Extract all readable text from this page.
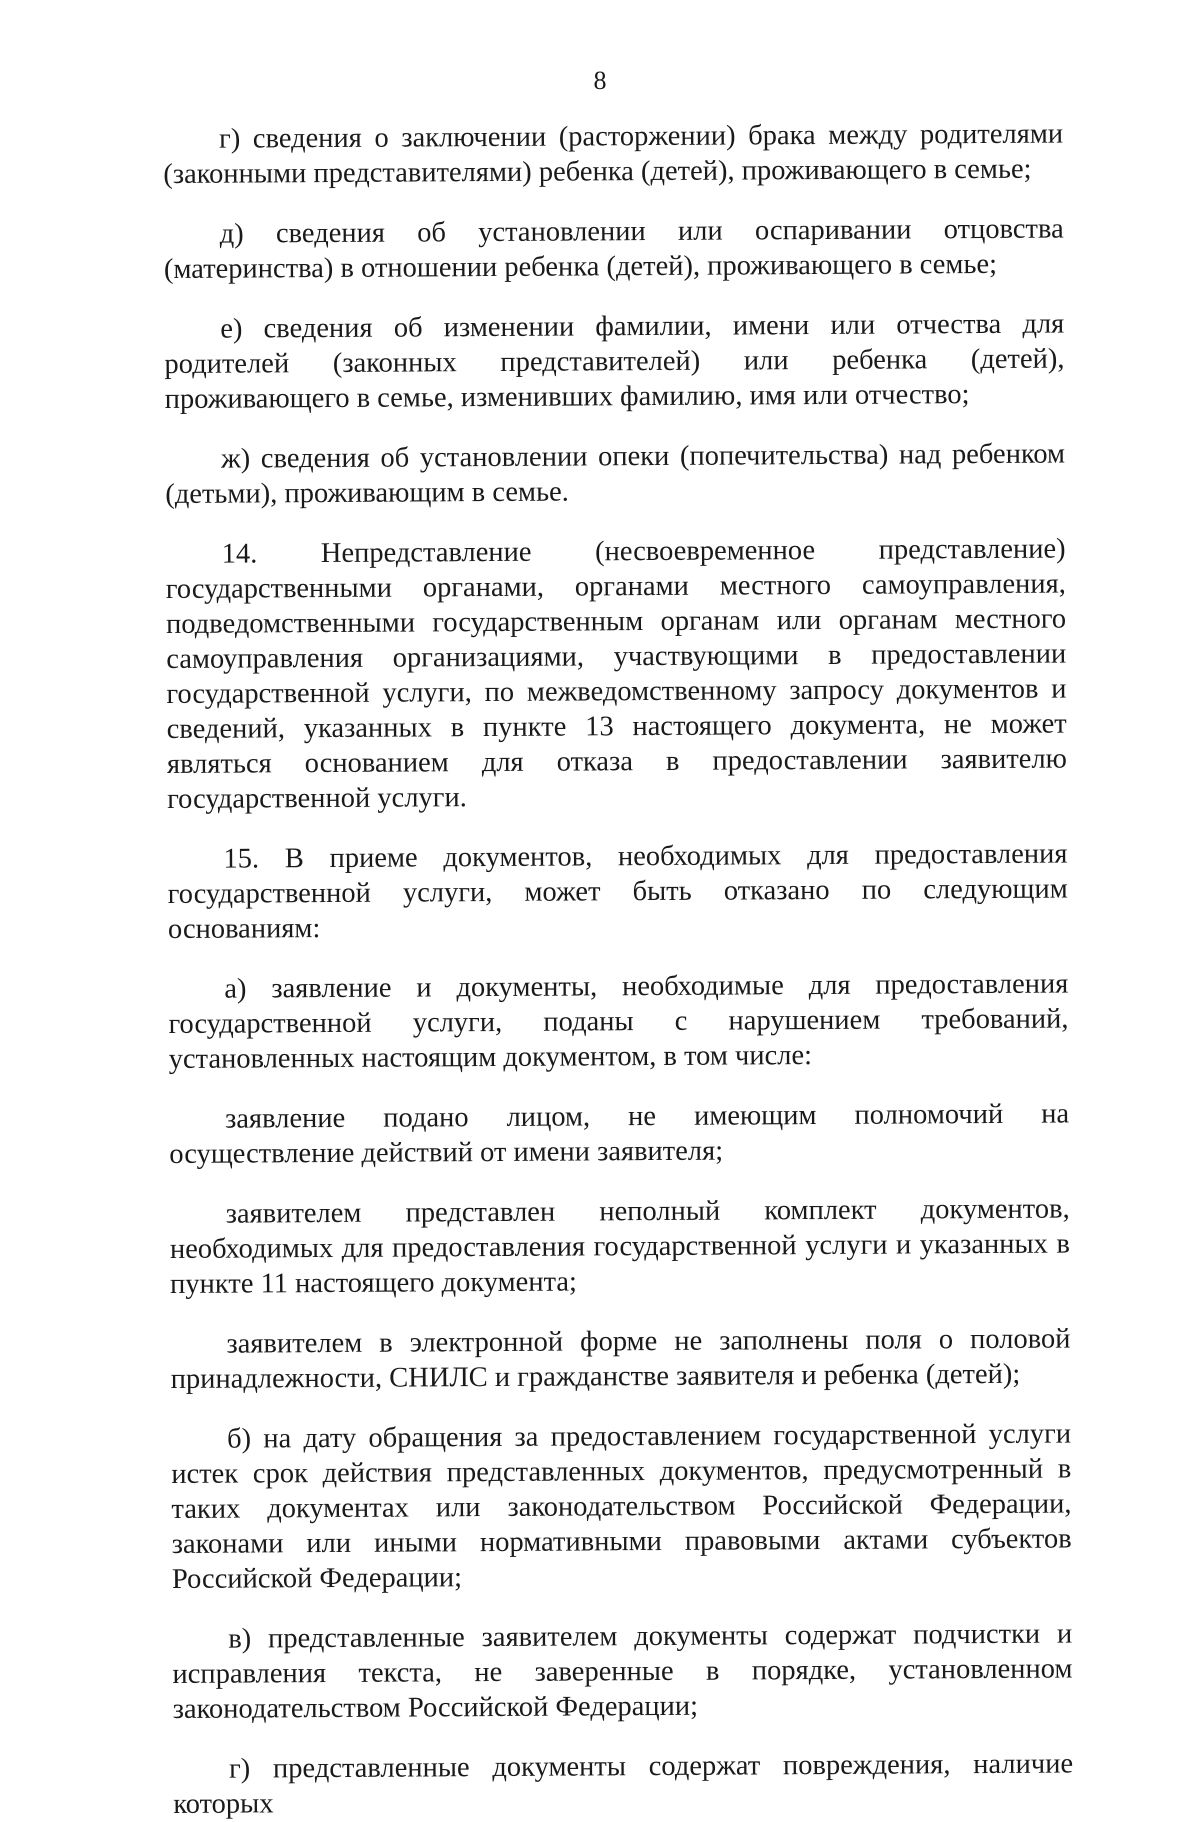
8

г) сведения о заключении (расторжении) брака между родителями (законными представителями) ребенка (детей), проживающего в семье;

д) сведения об установлении или оспаривании отцовства (материнства) в отношении ребенка (детей), проживающего в семье;

е) сведения об изменении фамилии, имени или отчества для родителей (законных представителей) или ребенка (детей), проживающего в семье, изменивших фамилию, имя или отчество;

ж) сведения об установлении опеки (попечительства) над ребенком (детьми), проживающим в семье.

14. Непредставление (несвоевременное представление) государственными органами, органами местного самоуправления, подведомственными государственным органам или органам местного самоуправления организациями, участвующими в предоставлении государственной услуги, по межведомственному запросу документов и сведений, указанных в пункте 13 настоящего документа, не может являться основанием для отказа в предоставлении заявителю государственной услуги.

15. В приеме документов, необходимых для предоставления государственной услуги, может быть отказано по следующим основаниям:

а) заявление и документы, необходимые для предоставления государственной услуги, поданы с нарушением требований, установленных настоящим документом, в том числе:

заявление подано лицом, не имеющим полномочий на осуществление действий от имени заявителя;

заявителем представлен неполный комплект документов, необходимых для предоставления государственной услуги и указанных в пункте 11 настоящего документа;

заявителем в электронной форме не заполнены поля о половой принадлежности, СНИЛС и гражданстве заявителя и ребенка (детей);

б) на дату обращения за предоставлением государственной услуги истек срок действия представленных документов, предусмотренный в таких документах или законодательством Российской Федерации, законами или иными нормативными правовыми актами субъектов Российской Федерации;

в) представленные заявителем документы содержат подчистки и исправления текста, не заверенные в порядке, установленном законодательством Российской Федерации;

г) представленные документы содержат повреждения, наличие которых
